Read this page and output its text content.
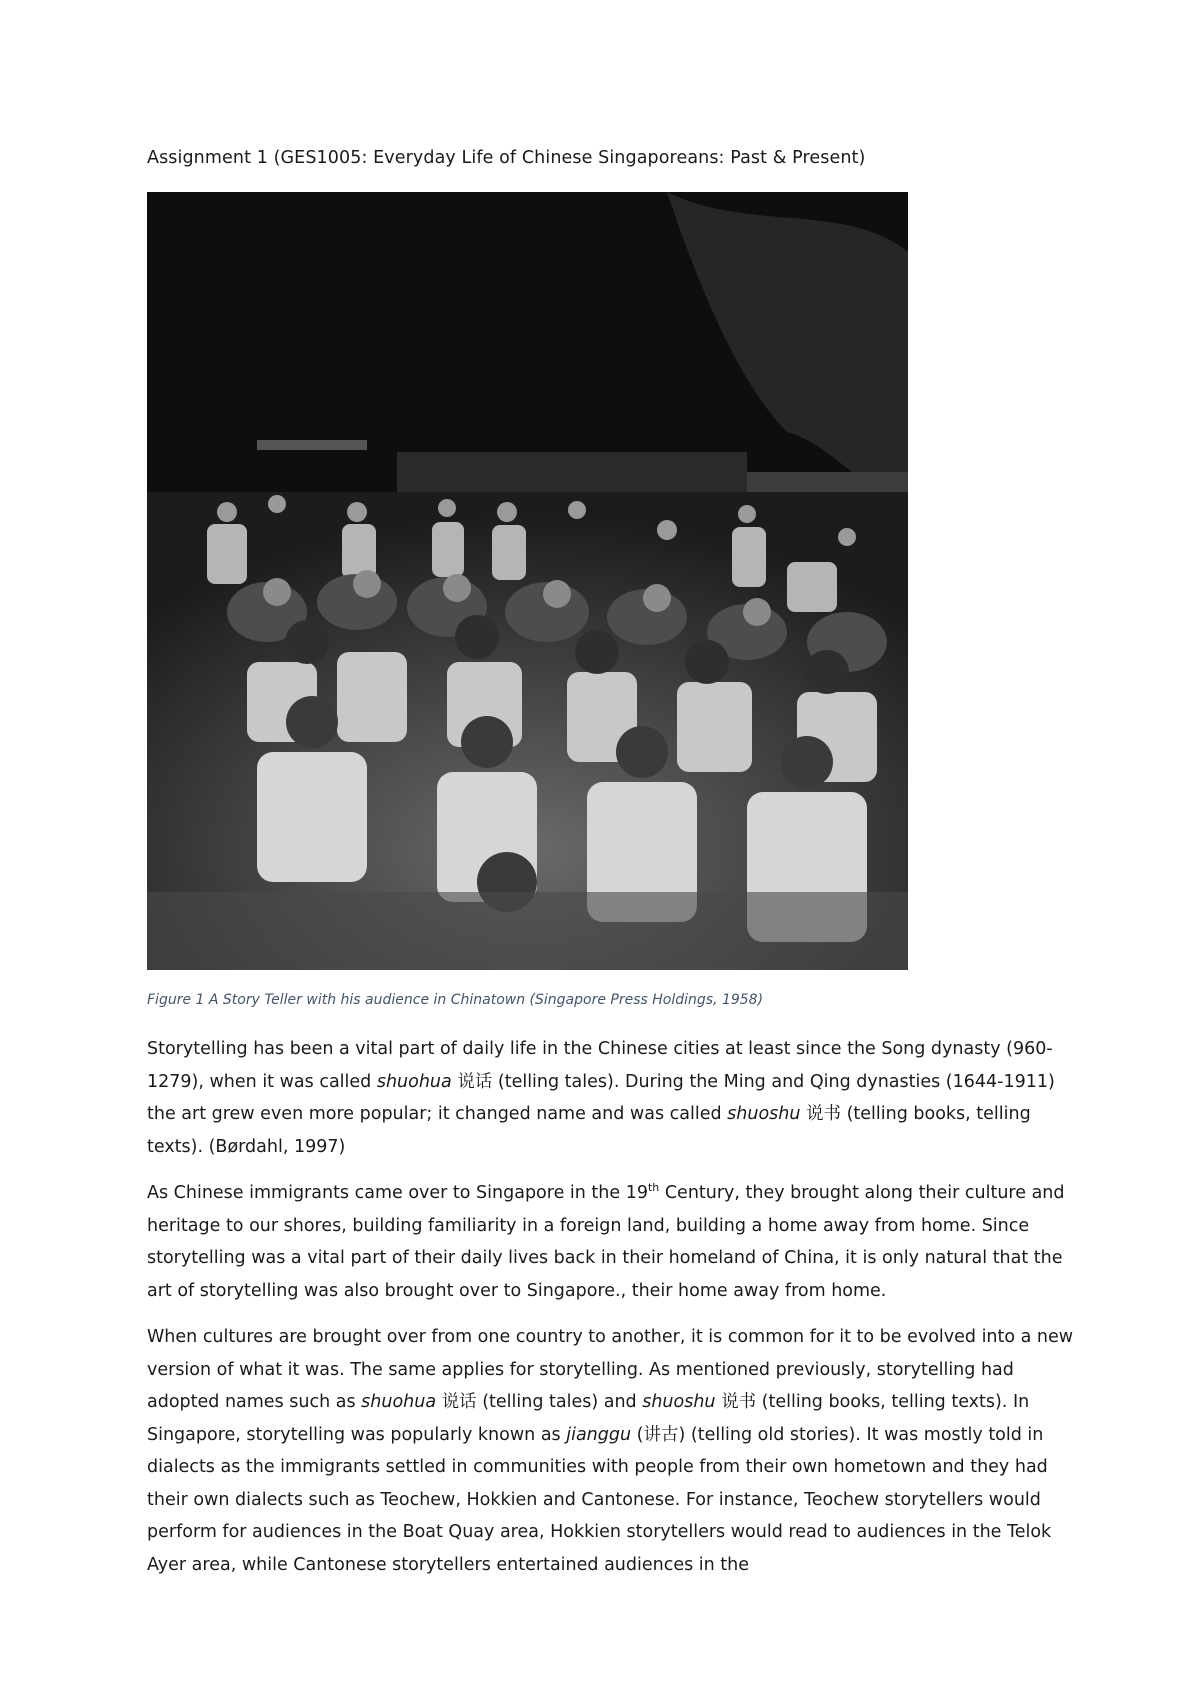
Assignment 1 (GES1005: Everyday Life of Chinese Singaporeans: Past & Present)
Figure 1 A Story Teller with his audience in Chinatown (Singapore Press Holdings, 1958)

Storytelling has been a vital part of daily life in the Chinese cities at least since the Song dynasty (960-1279), when it was called shuohua 说话 (telling tales). During the Ming and Qing dynasties (1644-1911) the art grew even more popular; it changed name and was called shuoshu 说书 (telling books, telling texts). (Børdahl, 1997)

As Chinese immigrants came over to Singapore in the 19th Century, they brought along their culture and heritage to our shores, building familiarity in a foreign land, building a home away from home. Since storytelling was a vital part of their daily lives back in their homeland of China, it is only natural that the art of storytelling was also brought over to Singapore., their home away from home.

When cultures are brought over from one country to another, it is common for it to be evolved into a new version of what it was. The same applies for storytelling. As mentioned previously, storytelling had adopted names such as shuohua 说话 (telling tales) and shuoshu 说书 (telling books, telling texts). In Singapore, storytelling was popularly known as jianggu (讲古) (telling old stories). It was mostly told in dialects as the immigrants settled in communities with people from their own hometown and they had their own dialects such as Teochew, Hokkien and Cantonese. For instance, Teochew storytellers would perform for audiences in the Boat Quay area, Hokkien storytellers would read to audiences in the Telok Ayer area, while Cantonese storytellers entertained audiences in the
